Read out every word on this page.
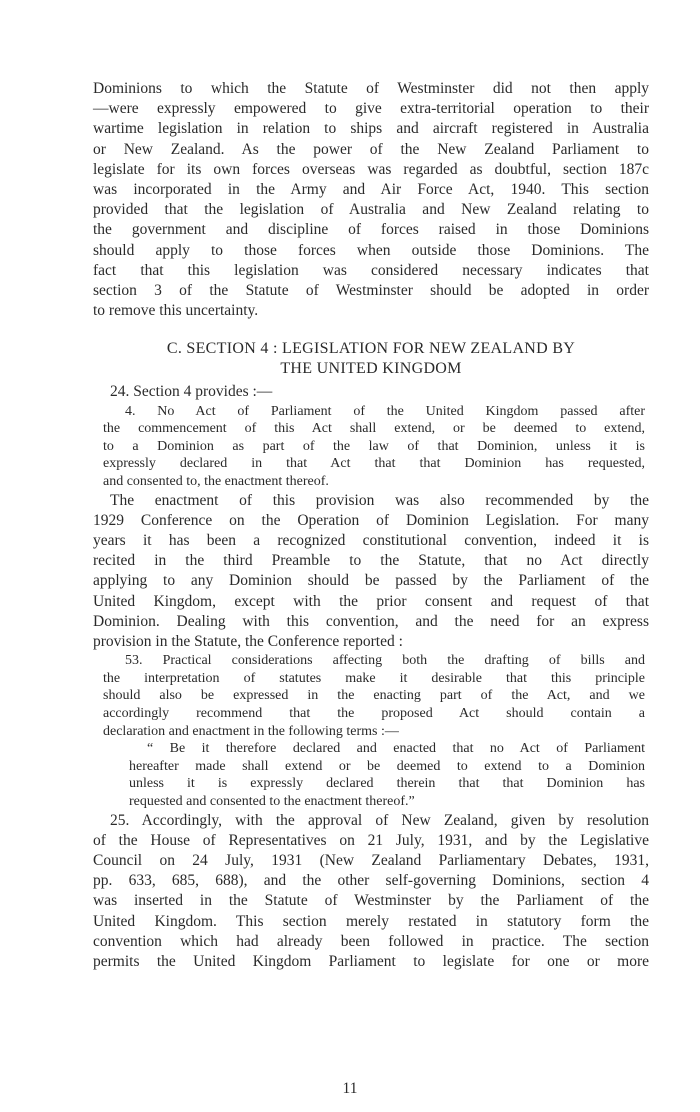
Dominions to which the Statute of Westminster did not then apply
—were expressly empowered to give extra-territorial operation to their
wartime legislation in relation to ships and aircraft registered in Australia
or New Zealand. As the power of the New Zealand Parliament to
legislate for its own forces overseas was regarded as doubtful, section 187c
was incorporated in the Army and Air Force Act, 1940. This section
provided that the legislation of Australia and New Zealand relating to
the government and discipline of forces raised in those Dominions
should apply to those forces when outside those Dominions. The
fact that this legislation was considered necessary indicates that
section 3 of the Statute of Westminster should be adopted in order
to remove this uncertainty.
C. SECTION 4 : LEGISLATION FOR NEW ZEALAND BY
THE UNITED KINGDOM
24. Section 4 provides :—
4. No Act of Parliament of the United Kingdom passed after
the commencement of this Act shall extend, or be deemed to extend,
to a Dominion as part of the law of that Dominion, unless it is
expressly declared in that Act that that Dominion has requested,
and consented to, the enactment thereof.
The enactment of this provision was also recommended by the
1929 Conference on the Operation of Dominion Legislation. For many
years it has been a recognized constitutional convention, indeed it is
recited in the third Preamble to the Statute, that no Act directly
applying to any Dominion should be passed by the Parliament of the
United Kingdom, except with the prior consent and request of that
Dominion. Dealing with this convention, and the need for an express
provision in the Statute, the Conference reported :
53. Practical considerations affecting both the drafting of bills and
the interpretation of statutes make it desirable that this principle
should also be expressed in the enacting part of the Act, and we
accordingly recommend that the proposed Act should contain a
declaration and enactment in the following terms :—
“ Be it therefore declared and enacted that no Act of Parliament
hereafter made shall extend or be deemed to extend to a Dominion
unless it is expressly declared therein that that Dominion has
requested and consented to the enactment thereof.”
25. Accordingly, with the approval of New Zealand, given by resolution
of the House of Representatives on 21 July, 1931, and by the Legislative
Council on 24 July, 1931 (New Zealand Parliamentary Debates, 1931,
pp. 633, 685, 688), and the other self-governing Dominions, section 4
was inserted in the Statute of Westminster by the Parliament of the
United Kingdom. This section merely restated in statutory form the
convention which had already been followed in practice. The section
permits the United Kingdom Parliament to legislate for one or more
11
